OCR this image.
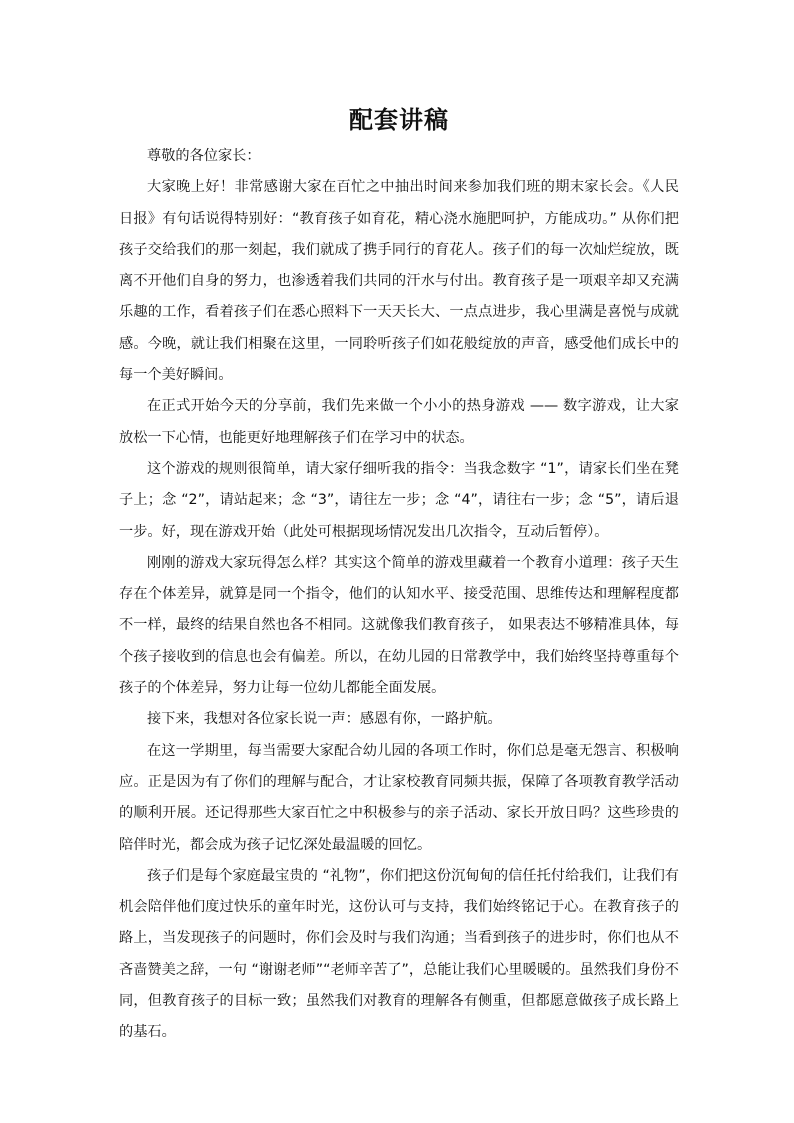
配套讲稿

尊敬的各位家长：

大家晚上好！非常感谢大家在百忙之中抽出时间来参加我们班的期末家长会。《人民日报》有句话说得特别好：“教育孩子如育花，精心浇水施肥呵护，方能成功。” 从你们把孩子交给我们的那一刻起，我们就成了携手同行的育花人。孩子们的每一次灿烂绽放，既离不开他们自身的努力，也渗透着我们共同的汗水与付出。教育孩子是一项艰辛却又充满乐趣的工作，看着孩子们在悉心照料下一天天长大、一点点进步，我心里满是喜悦与成就感。今晚，就让我们相聚在这里，一同聆听孩子们如花般绽放的声音，感受他们成长中的每一个美好瞬间。

在正式开始今天的分享前，我们先来做一个小小的热身游戏 —— 数字游戏，让大家放松一下心情，也能更好地理解孩子们在学习中的状态。

这个游戏的规则很简单，请大家仔细听我的指令：当我念数字 “1”，请家长们坐在凳子上；念 “2”，请站起来；念 “3”，请往左一步；念 “4”，请往右一步；念 “5”，请后退一步。好，现在游戏开始（此处可根据现场情况发出几次指令，互动后暂停）。

刚刚的游戏大家玩得怎么样？其实这个简单的游戏里藏着一个教育小道理：孩子天生存在个体差异，就算是同一个指令，他们的认知水平、接受范围、思维传达和理解程度都不一样，最终的结果自然也各不相同。这就像我们教育孩子， 如果表达不够精准具体，每个孩子接收到的信息也会有偏差。所以，在幼儿园的日常教学中，我们始终坚持尊重每个孩子的个体差异，努力让每一位幼儿都能全面发展。

接下来，我想对各位家长说一声：感恩有你，一路护航。

在这一学期里，每当需要大家配合幼儿园的各项工作时，你们总是毫无怨言、积极响应。正是因为有了你们的理解与配合，才让家校教育同频共振，保障了各项教育教学活动的顺利开展。还记得那些大家百忙之中积极参与的亲子活动、家长开放日吗？这些珍贵的陪伴时光，都会成为孩子记忆深处最温暖的回忆。

孩子们是每个家庭最宝贵的 “礼物”，你们把这份沉甸甸的信任托付给我们，让我们有机会陪伴他们度过快乐的童年时光，这份认可与支持，我们始终铭记于心。在教育孩子的路上，当发现孩子的问题时，你们会及时与我们沟通；当看到孩子的进步时，你们也从不吝啬赞美之辞，一句 “谢谢老师”“老师辛苦了”，总能让我们心里暖暖的。虽然我们身份不同，但教育孩子的目标一致；虽然我们对教育的理解各有侧重，但都愿意做孩子成长路上的基石。
